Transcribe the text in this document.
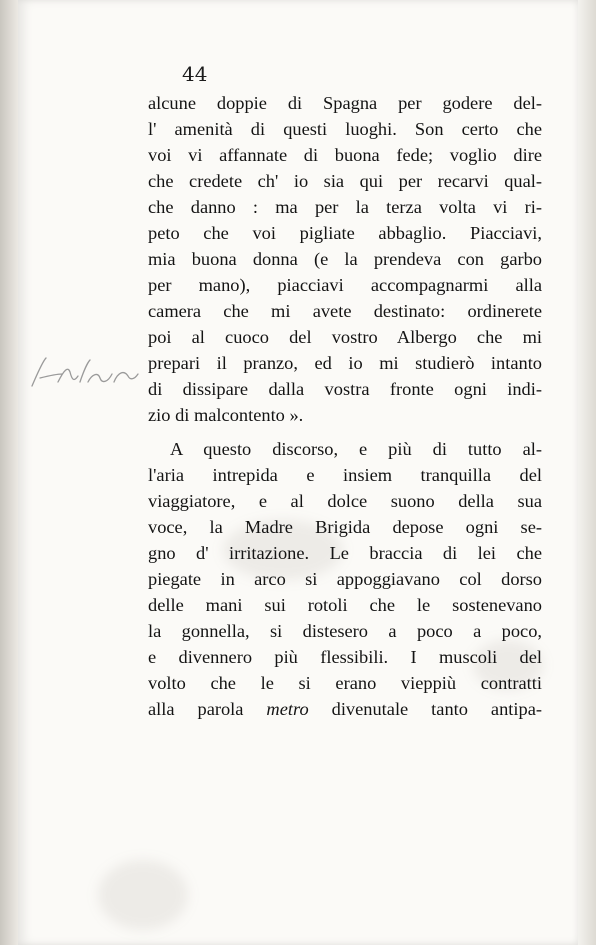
44
alcune doppie di Spagna per godere del-
l' amenità di questi luoghi. Son certo che
voi vi affannate di buona fede; voglio dire
che credete ch' io sia qui per recarvi qual-
che danno : ma per la terza volta vi ri-
peto che voi pigliate abbaglio. Piacciavi,
mia buona donna (e la prendeva con garbo
per mano), piacciavi accompagnarmi alla
camera che mi avete destinato: ordinerete
poi al cuoco del vostro Albergo che mi
prepari il pranzo, ed io mi studierò intanto
di dissipare dalla vostra fronte ogni indi-
zio di malcontento ».
A questo discorso, e più di tutto al-
l'aria intrepida e insiem tranquilla del
viaggiatore, e al dolce suono della sua
voce, la Madre Brigida depose ogni se-
gno d' irritazione. Le braccia di lei che
piegate in arco si appoggiavano col dorso
delle mani sui rotoli che le sostenevano
la gonnella, si distesero a poco a poco,
e divennero più flessibili. I muscoli del
volto che le si erano vieppiù contratti
alla parola metro divenutale tanto antipa-
